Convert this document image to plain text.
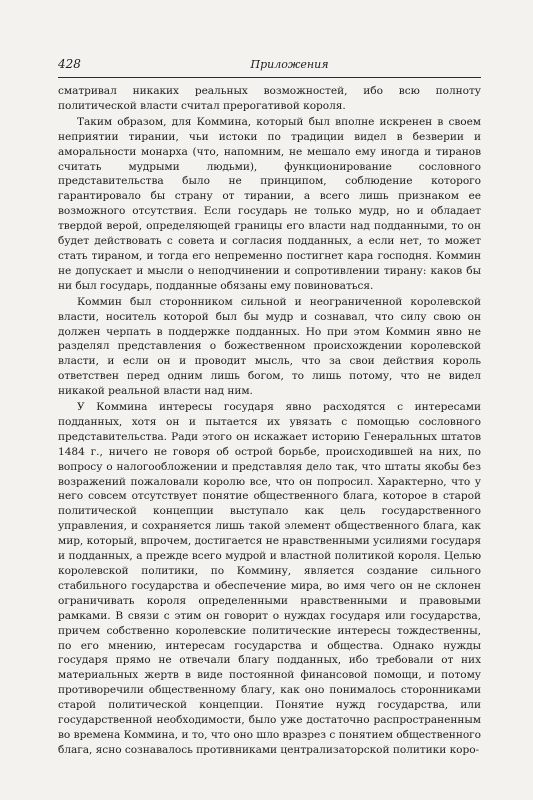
428	Приложения

сматривал никаких реальных возможностей, ибо всю полноту политической власти считал прерогативой короля.

Таким образом, для Коммина, который был вполне искренен в своем неприятии тирании, чьи истоки по традиции видел в безверии и аморальности монарха (что, напомним, не мешало ему иногда и тиранов считать мудрыми людьми), функционирование сословного представительства было не принципом, соблюдение которого гарантировало бы страну от тирании, а всего лишь признаком ее возможного отсутствия. Если государь не только мудр, но и обладает твердой верой, определяющей границы его власти над подданными, то он будет действовать с совета и согласия подданных, а если нет, то может стать тираном, и тогда его непременно постигнет кара господня. Коммин не допускает и мысли о неподчинении и сопротивлении тирану: каков бы ни был государь, подданные обязаны ему повиноваться.

Коммин был сторонником сильной и неограниченной королевской власти, носитель которой был бы мудр и сознавал, что силу свою он должен черпать в поддержке подданных. Но при этом Коммин явно не разделял представления о божественном происхождении королевской власти, и если он и проводит мысль, что за свои действия король ответствен перед одним лишь богом, то лишь потому, что не видел никакой реальной власти над ним.

У Коммина интересы государя явно расходятся с интересами подданных, хотя он и пытается их увязать с помощью сословного представительства. Ради этого он искажает историю Генеральных штатов 1484 г., ничего не говоря об острой борьбе, происходившей на них, по вопросу о налогообложении и представляя дело так, что штаты якобы без возражений пожаловали королю все, что он попросил. Характерно, что у него совсем отсутствует понятие общественного блага, которое в старой политической концепции выступало как цель государственного управления, и сохраняется лишь такой элемент общественного блага, как мир, который, впрочем, достигается не нравственными усилиями государя и подданных, а прежде всего мудрой и властной политикой короля. Целью королевской политики, по Коммину, является создание сильного стабильного государства и обеспечение мира, во имя чего он не склонен ограничивать короля определенными нравственными и правовыми рамками. В связи с этим он говорит о нуждах государя или государства, причем собственно королевские политические интересы тождественны, по его мнению, интересам государства и общества. Однако нужды государя прямо не отвечали благу подданных, ибо требовали от них материальных жертв в виде постоянной финансовой помощи, и потому противоречили общественному благу, как оно понималось сторонниками старой политической концепции. Понятие нужд государства, или государственной необходимости, было уже достаточно распространенным во времена Коммина, и то, что оно шло вразрез с понятием общественного блага, ясно сознавалось противниками централизаторской политики коро-
